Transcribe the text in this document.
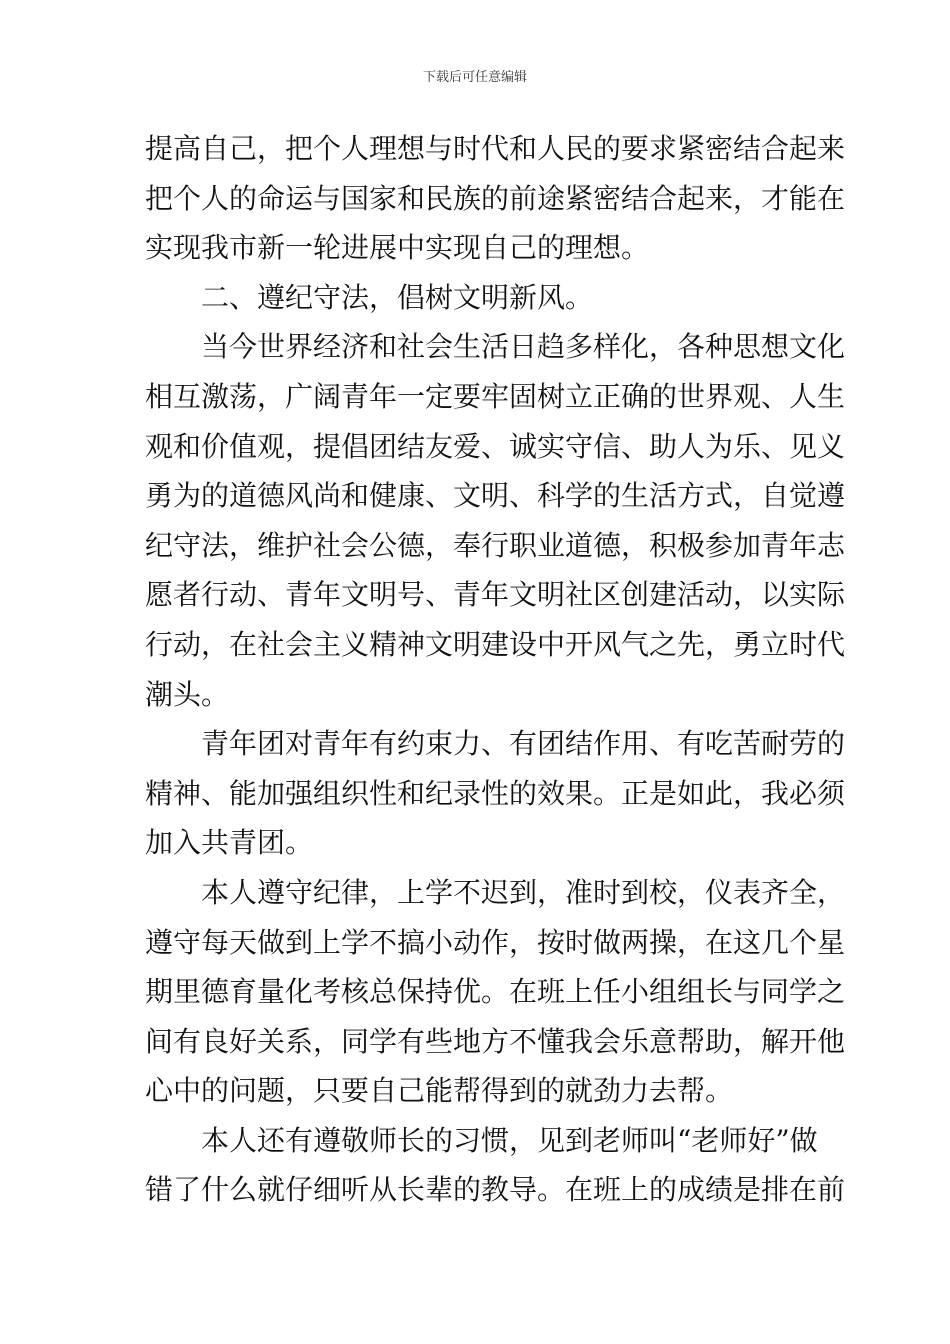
下载后可任意编辑
提高自己，把个人理想与时代和人民的要求紧密结合起来
把个人的命运与国家和民族的前途紧密结合起来，才能在
实现我市新一轮进展中实现自己的理想。
二、遵纪守法，倡树文明新风。
当今世界经济和社会生活日趋多样化，各种思想文化
相互激荡，广阔青年一定要牢固树立正确的世界观、人生
观和价值观，提倡团结友爱、诚实守信、助人为乐、见义
勇为的道德风尚和健康、文明、科学的生活方式，自觉遵
纪守法，维护社会公德，奉行职业道德，积极参加青年志
愿者行动、青年文明号、青年文明社区创建活动，以实际
行动，在社会主义精神文明建设中开风气之先，勇立时代
潮头。
青年团对青年有约束力、有团结作用、有吃苦耐劳的
精神、能加强组织性和纪录性的效果。正是如此，我必须
加入共青团。
本人遵守纪律，上学不迟到，准时到校，仪表齐全，
遵守每天做到上学不搞小动作，按时做两操，在这几个星
期里德育量化考核总保持优。在班上任小组组长与同学之
间有良好关系，同学有些地方不懂我会乐意帮助，解开他
心中的问题，只要自己能帮得到的就劲力去帮。
本人还有遵敬师长的习惯，见到老师叫“老师好”做
错了什么就仔细听从长辈的教导。在班上的成绩是排在前
